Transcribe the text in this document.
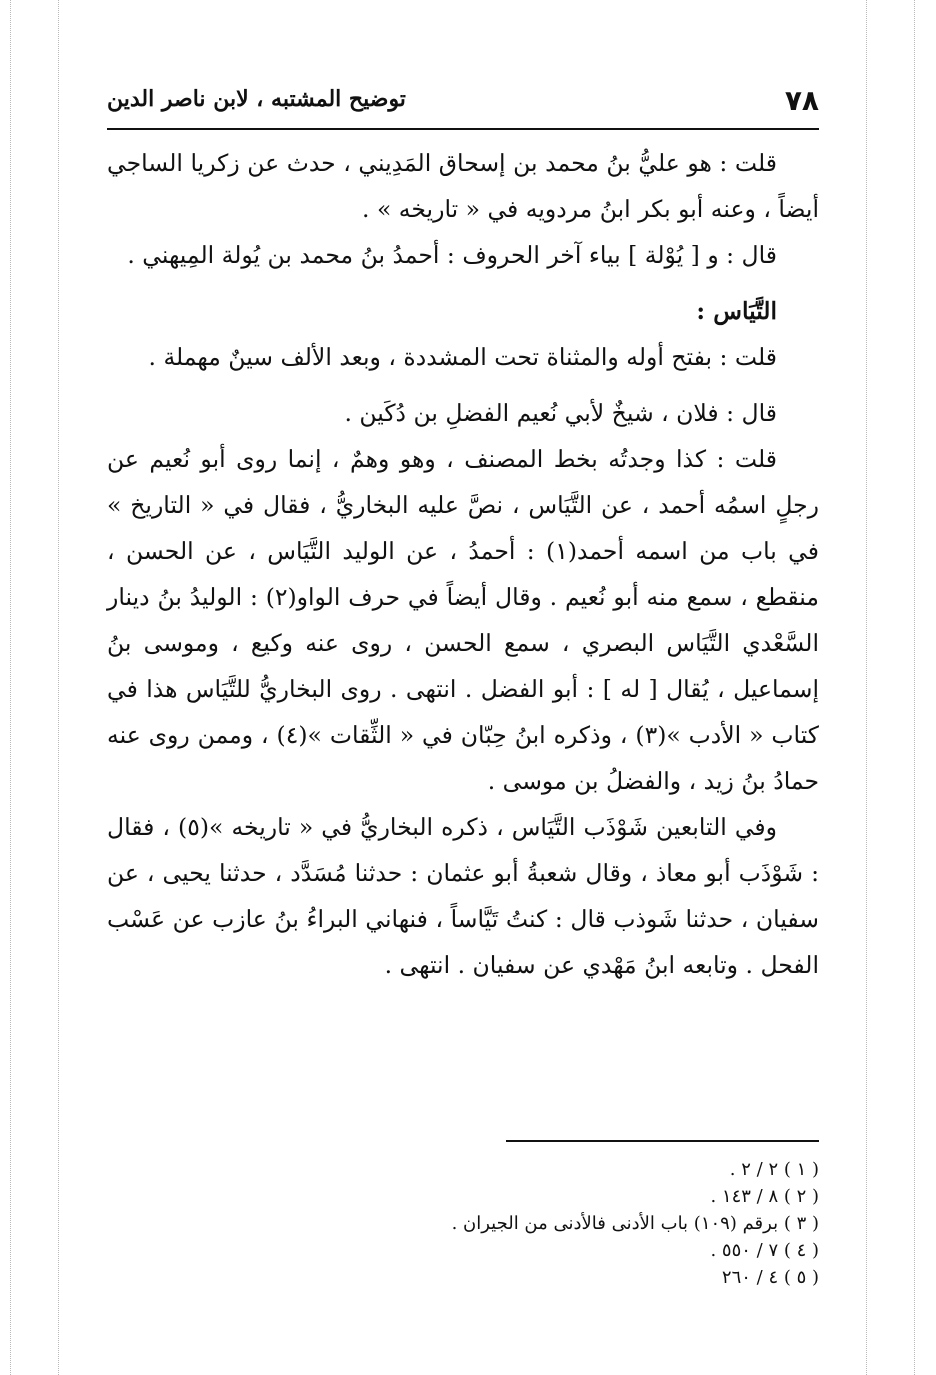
٧٨
توضيح المشتبه ، لابن ناصر الدين

قلت : هو عليُّ بنُ محمد بن إسحاق المَدِيني ، حدث عن زكريا الساجي أيضاً ، وعنه أبو بكر ابنُ مردويه في « تاريخه » .

قال : و [ يُوْلة ] بياء آخر الحروف : أحمدُ بنُ محمد بن يُولة المِيهني .

التَّيَاس :

قلت : بفتح أوله والمثناة تحت المشددة ، وبعد الألف سينٌ مهملة .

قال : فلان ، شيخٌ لأبي نُعيم الفضلِ بن دُكَين .

قلت : كذا وجدتُه بخط المصنف ، وهو وهمٌ ، إنما روى أبو نُعيم عن رجلٍ اسمُه أحمد ، عن التَّيَاس ، نصَّ عليه البخاريُّ ، فقال في « التاريخ » في باب من اسمه أحمد(١) : أحمدُ ، عن الوليد التَّيَاس ، عن الحسن ، منقطع ، سمع منه أبو نُعيم . وقال أيضاً في حرف الواو(٢) : الوليدُ بنُ دينار السَّعْدي التَّيَاس البصري ، سمع الحسن ، روى عنه وكيع ، وموسى بنُ إسماعيل ، يُقال [ له ] : أبو الفضل . انتهى . روى البخاريُّ للتَّيَاس هذا في كتاب « الأدب »(٣) ، وذكره ابنُ حِبّان في « الثِّقات »(٤) ، وممن روى عنه حمادُ بنُ زيد ، والفضلُ بن موسى .

وفي التابعين شَوْذَب التَّيَاس ، ذكره البخاريُّ في « تاريخه »(٥) ، فقال : شَوْذَب أبو معاذ ، وقال شعبةُ أبو عثمان : حدثنا مُسَدَّد ، حدثنا يحيى ، عن سفيان ، حدثنا شَوذب قال : كنتُ تَيَّاساً ، فنهاني البراءُ بنُ عازب عن عَسْب الفحل . وتابعه ابنُ مَهْدي عن سفيان . انتهى .

( ١ ) ٢ / ٢ .

( ٢ ) ٨ / ١٤٣ .

( ٣ ) برقم (١٠٩) باب الأدنى فالأدنى من الجيران .

( ٤ ) ٧ / ٥٥٠ .

( ٥ ) ٤ / ٢٦٠
